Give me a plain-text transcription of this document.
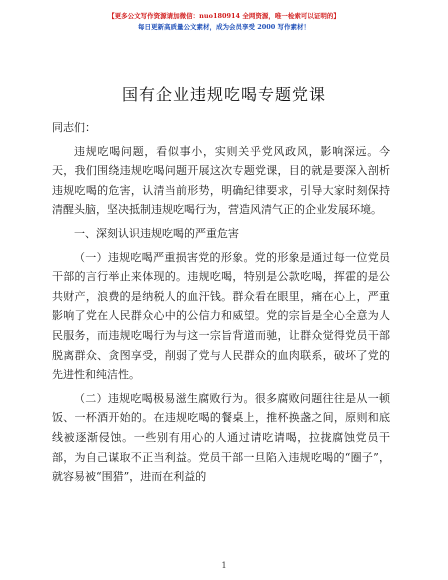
【更多公文写作资源请加微信：nuo180914 全网资源，唯一检索可以证明的】
每日更新高质量公文素材，成为会员享受 2000 写作素材！
国有企业违规吃喝专题党课

同志们：

违规吃喝问题，看似事小，实则关乎党风政风，影响深远。今天，我们围绕违规吃喝问题开展这次专题党课，目的就是要深入剖析违规吃喝的危害，认清当前形势，明确纪律要求，引导大家时刻保持清醒头脑，坚决抵制违规吃喝行为，营造风清气正的企业发展环境。

一、深刻认识违规吃喝的严重危害

（一）违规吃喝严重损害党的形象。党的形象是通过每一位党员干部的言行举止来体现的。违规吃喝，特别是公款吃喝，挥霍的是公共财产，浪费的是纳税人的血汗钱。群众看在眼里，痛在心上，严重影响了党在人民群众心中的公信力和威望。党的宗旨是全心全意为人民服务，而违规吃喝行为与这一宗旨背道而驰，让群众觉得党员干部脱离群众、贪图享受，削弱了党与人民群众的血肉联系，破坏了党的先进性和纯洁性。

（二）违规吃喝极易滋生腐败行为。很多腐败问题往往是从一顿饭、一杯酒开始的。在违规吃喝的餐桌上，推杯换盏之间，原则和底线被逐渐侵蚀。一些别有用心的人通过请吃请喝，拉拢腐蚀党员干部，为自己谋取不正当利益。党员干部一旦陷入违规吃喝的“圈子”，就容易被“围猎”，进而在利益的

1
